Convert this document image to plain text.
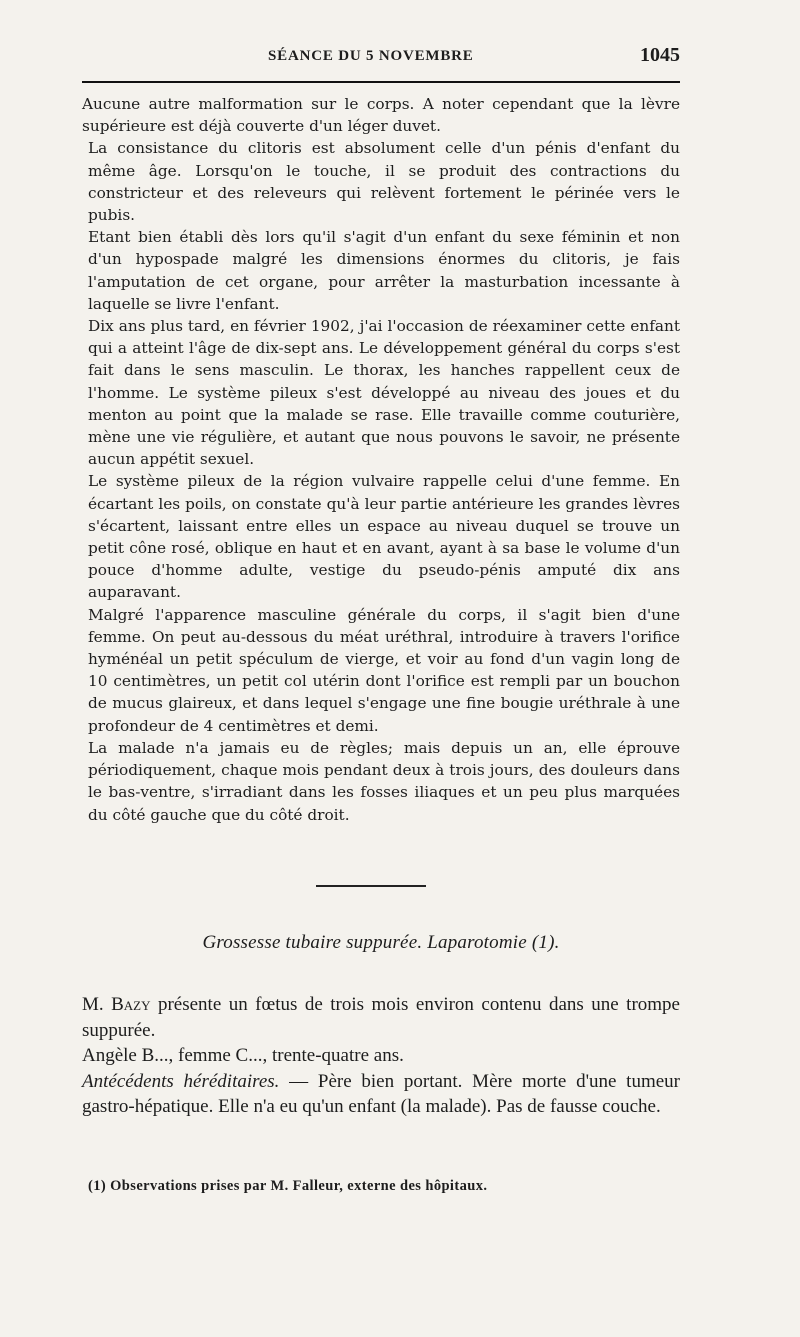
SÉANCE DU 5 NOVEMBRE	1045

Aucune autre malformation sur le corps. A noter cependant que la lèvre supérieure est déjà couverte d'un léger duvet.

La consistance du clitoris est absolument celle d'un pénis d'enfant du même âge. Lorsqu'on le touche, il se produit des contractions du constricteur et des releveurs qui relèvent fortement le périnée vers le pubis.

Etant bien établi dès lors qu'il s'agit d'un enfant du sexe féminin et non d'un hypospade malgré les dimensions énormes du clitoris, je fais l'amputation de cet organe, pour arrêter la masturbation incessante à laquelle se livre l'enfant.

Dix ans plus tard, en février 1902, j'ai l'occasion de réexaminer cette enfant qui a atteint l'âge de dix-sept ans. Le développement général du corps s'est fait dans le sens masculin. Le thorax, les hanches rappellent ceux de l'homme. Le système pileux s'est développé au niveau des joues et du menton au point que la malade se rase. Elle travaille comme couturière, mène une vie régulière, et autant que nous pouvons le savoir, ne présente aucun appétit sexuel.

Le système pileux de la région vulvaire rappelle celui d'une femme. En écartant les poils, on constate qu'à leur partie antérieure les grandes lèvres s'écartent, laissant entre elles un espace au niveau duquel se trouve un petit cône rosé, oblique en haut et en avant, ayant à sa base le volume d'un pouce d'homme adulte, vestige du pseudo-pénis amputé dix ans auparavant.

Malgré l'apparence masculine générale du corps, il s'agit bien d'une femme. On peut au-dessous du méat uréthral, introduire à travers l'orifice hyménéal un petit spéculum de vierge, et voir au fond d'un vagin long de 10 centimètres, un petit col utérin dont l'orifice est rempli par un bouchon de mucus glaireux, et dans lequel s'engage une fine bougie uréthrale à une profondeur de 4 centimètres et demi.

La malade n'a jamais eu de règles; mais depuis un an, elle éprouve périodiquement, chaque mois pendant deux à trois jours, des douleurs dans le bas-ventre, s'irradiant dans les fosses iliaques et un peu plus marquées du côté gauche que du côté droit.

Grossesse tubaire suppurée. Laparotomie (1).

M. Bazy présente un fœtus de trois mois environ contenu dans une trompe suppurée.

Angèle B..., femme C..., trente-quatre ans.

Antécédents héréditaires. — Père bien portant. Mère morte d'une tumeur gastro-hépatique. Elle n'a eu qu'un enfant (la malade). Pas de fausse couche.

(1) Observations prises par M. Falleur, externe des hôpitaux.
